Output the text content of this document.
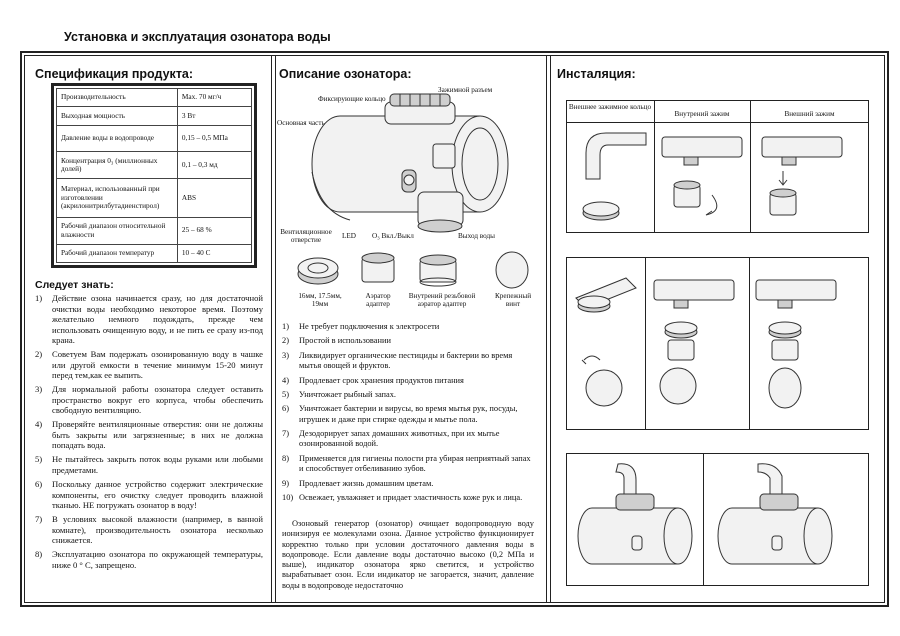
Установка и эксплуатация озонатора воды
Спецификация продукта:
Производительность	Max. 70 мг/ч
Выходная мощность	3 Вт
Давление воды в водопроводе	0,15 – 0,5 МПа
Концентрация 0₃ (миллионных долей)	0,1 – 0,3 мд
Материал, использованный при изготовлении (акрилонитрилбутадиенстирол)	ABS
Рабочий диапазон относительной влажности	25 – 68 %
Рабочий диапазон температур	10 – 40 С
Следует знать:
1) Действие озона начинается сразу, но для достаточной очистки воды необходимо некоторое время. Поэтому желательно немного подождать, прежде чем использовать очищенную воду, и не пить ее сразу из-под крана.
2) Советуем Вам подержать озонированную воду в чашке или другой емкости в течение минимум 15-20 минут перед тем,как ее выпить.
3) Для нормальной работы озонатора следует оставить пространство вокруг его корпуса, чтобы обеспечить свободную вентиляцию.
4) Проверяйте вентиляционные отверстия: они не должны быть закрыты или загрязненные; в них не должна попадать вода.
5) Не пытайтесь закрыть поток воды руками или любыми предметами.
6) Поскольку данное устройство содержит электрические компоненты, его очистку следует проводить влажной тканью. НЕ погружать озонатор в воду!
7) В условиях высокой влажности (например, в ванной комнате), производительность озонатора несколько снижается.
8) Эксплуатацию озонатора по окружающей температуры, ниже 0 ° С, запрещено.
Описание озонатора:
Зажимной разъем
Фиксирующие кольцо
Основная часть
Вентиляционное отверстие
LED O₃ Вкл./Выкл	Выход воды
16мм, 17.5мм, 19мм
Аэратор адаптер
Внутрений резьбовой аэратор адаптер
Крепежный винт
1) Не требует подключения к электросети
2) Простой в использовании
3) Ликвидирует органические пестициды и бактерии во время мытья овощей и фруктов.
4) Продлевает срок хранения продуктов питания
5) Уничтожает рыбный запах.
6) Уничтожает бактерии и вирусы, во время мытья рук, посуды, игрушек и даже при стирке одежды и мытье пола.
7) Дезодорирует запах домашних животных, при их мытье озонированной водой.
8) Применяется для гигиены полости рта убирая неприятный запах и способствует отбеливанию зубов.
9) Продлевает жизнь домашним цветам.
10) Освежает, увлажняет и придает эластичность коже рук и лица.
Озоновый генератор (озонатор) очищает водопроводную воду ионизируя ее молекулами озона. Данное устройство функционирует корректно только при условии достаточного давления воды в водопроводе. Если давление воды достаточно высоко (0,2 МПа и выше), индикатор озонатора ярко светится, и устройство вырабатывает озон. Если индикатор не загорается, значит, давление воды в водопроводе недостаточно
Инсталяция:
Внешнее зажимное кольцо
Внутрений зажим	Внешний зажим
